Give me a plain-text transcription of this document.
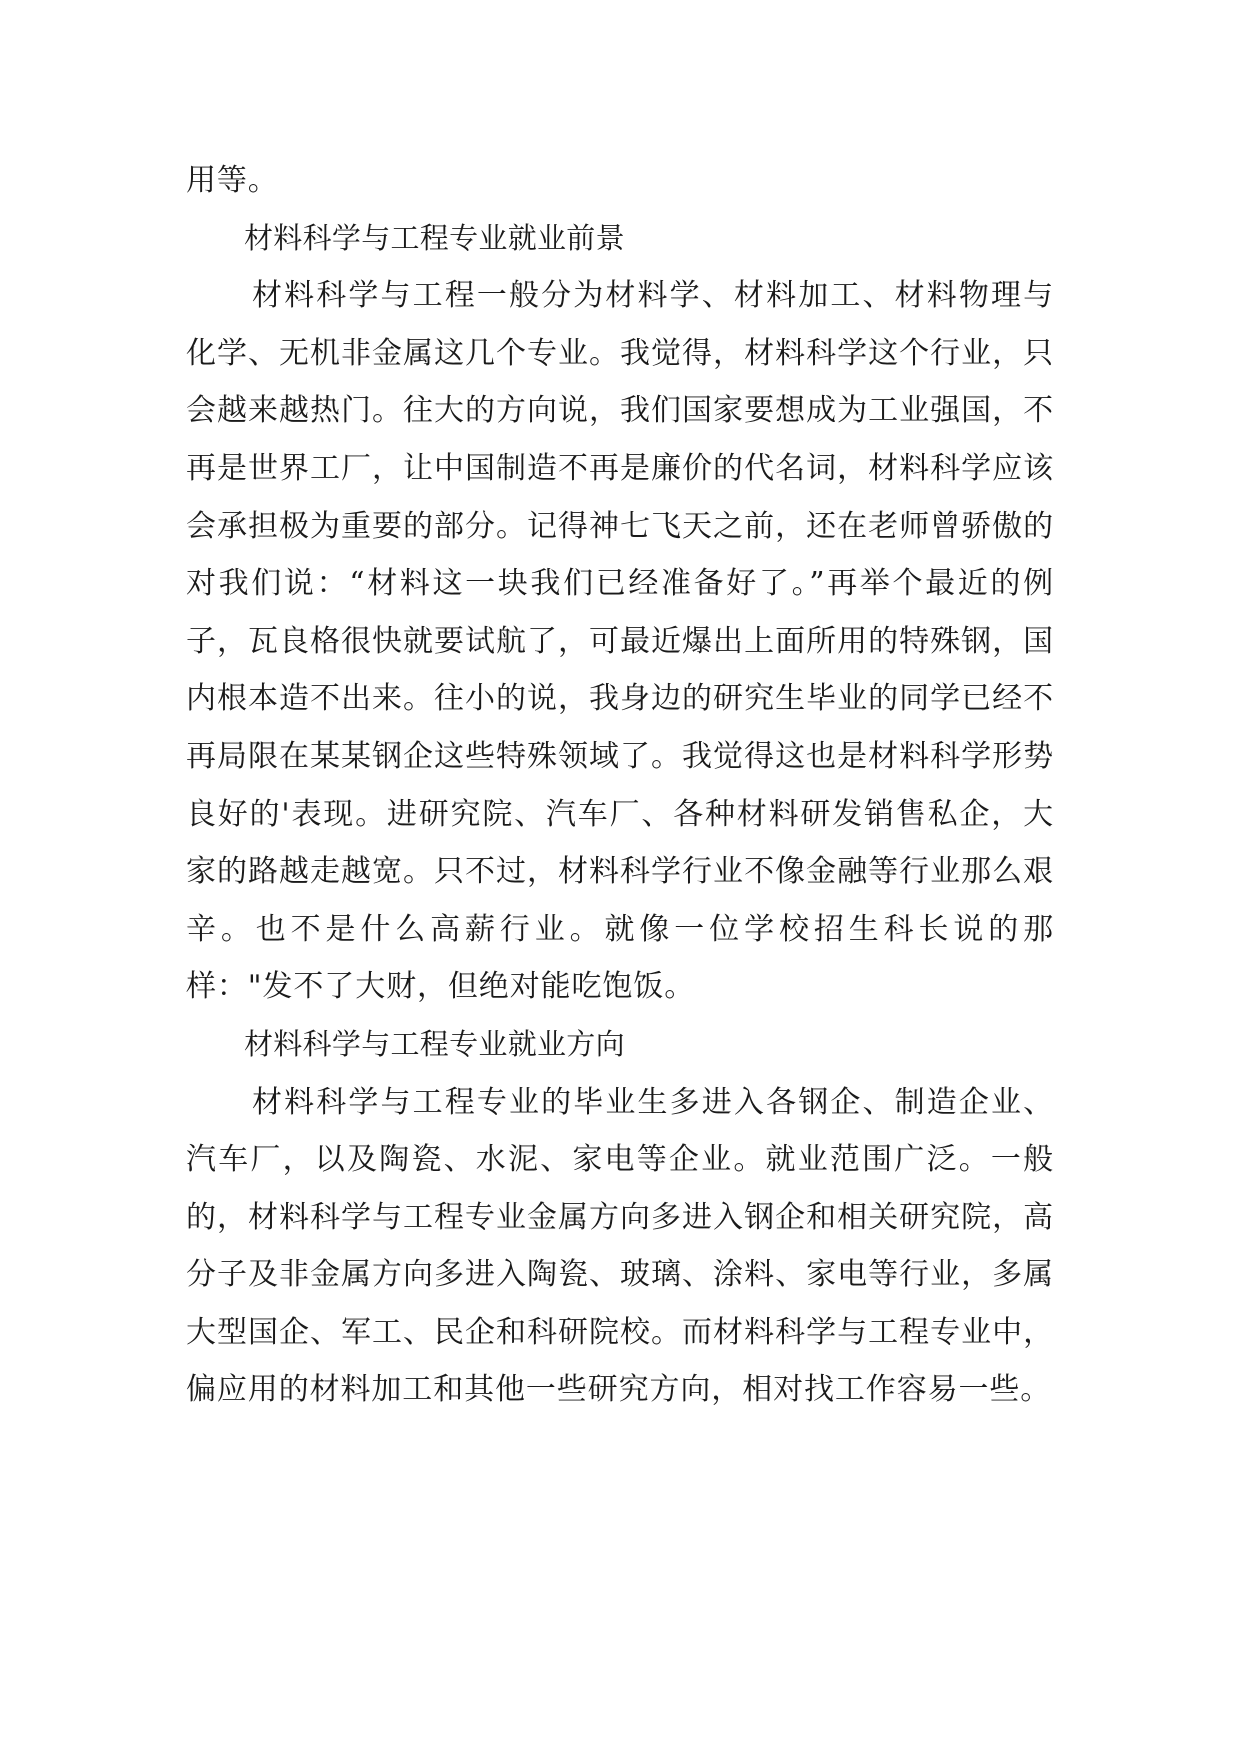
用等。

材料科学与工程专业就业前景

材料科学与工程一般分为材料学、材料加工、材料物理与化学、无机非金属这几个专业。我觉得，材料科学这个行业，只会越来越热门。往大的方向说，我们国家要想成为工业强国，不再是世界工厂，让中国制造不再是廉价的代名词，材料科学应该会承担极为重要的部分。记得神七飞天之前，还在老师曾骄傲的对我们说：“材料这一块我们已经准备好了。”再举个最近的例子，瓦良格很快就要试航了，可最近爆出上面所用的特殊钢，国内根本造不出来。往小的说，我身边的研究生毕业的同学已经不再局限在某某钢企这些特殊领域了。我觉得这也是材料科学形势良好的'表现。进研究院、汽车厂、各种材料研发销售私企，大家的路越走越宽。只不过，材料科学行业不像金融等行业那么艰辛。也不是什么高薪行业。就像一位学校招生科长说的那样："发不了大财，但绝对能吃饱饭。

材料科学与工程专业就业方向

材料科学与工程专业的毕业生多进入各钢企、制造企业、汽车厂，以及陶瓷、水泥、家电等企业。就业范围广泛。一般的，材料科学与工程专业金属方向多进入钢企和相关研究院，高分子及非金属方向多进入陶瓷、玻璃、涂料、家电等行业，多属大型国企、军工、民企和科研院校。而材料科学与工程专业中，偏应用的材料加工和其他一些研究方向，相对找工作容易一些。
